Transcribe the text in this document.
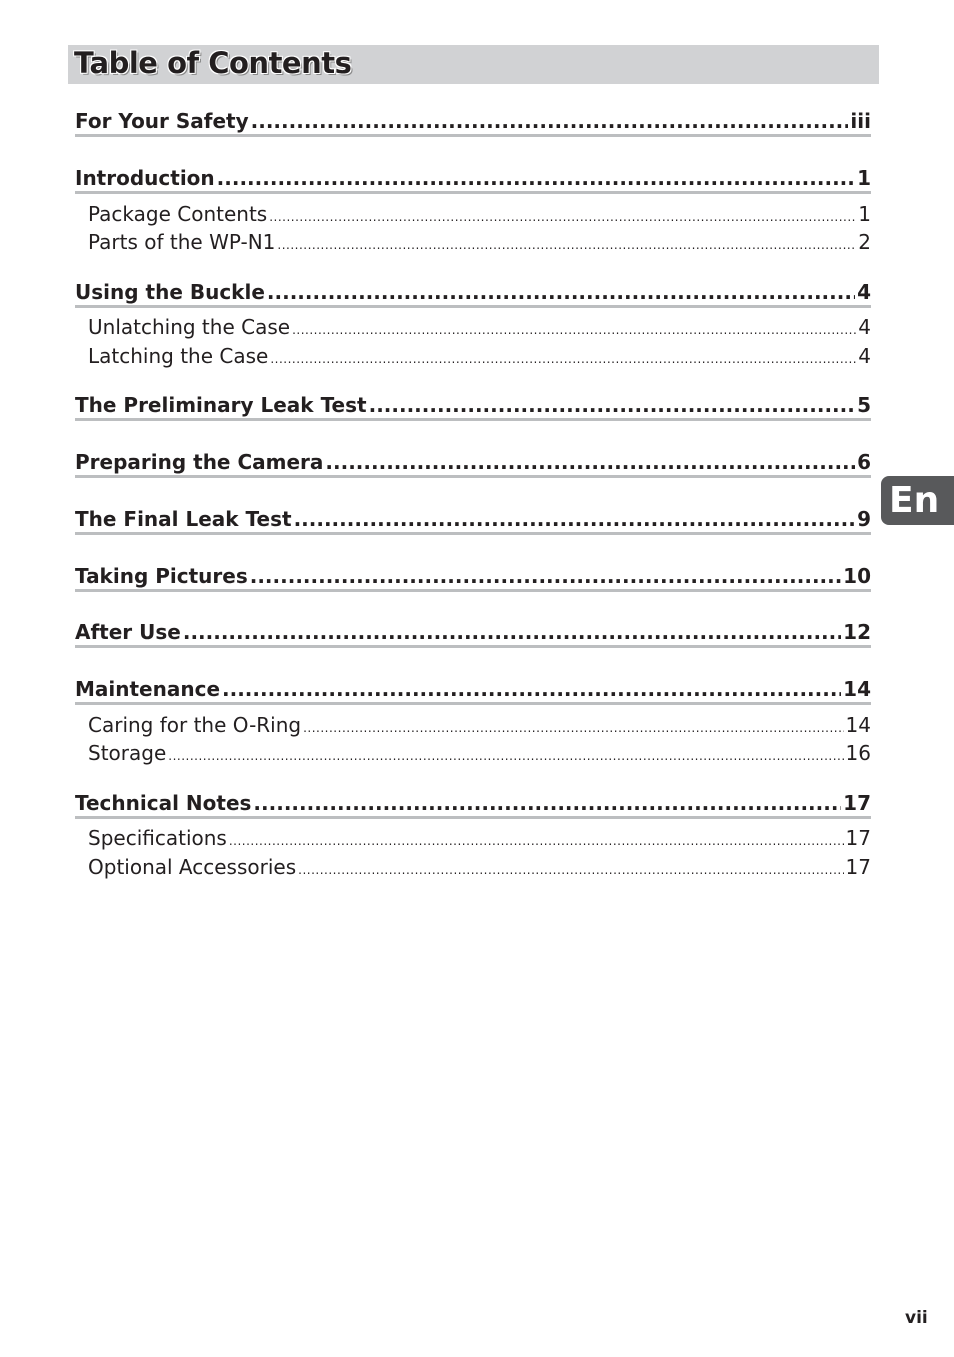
Table of Contents
For Your Safety .....	iii
Introduction .....	1
Package Contents .....	1
Parts of the WP-N1 .....	2
Using the Buckle .....	4
Unlatching the Case .....	4
Latching the Case .....	4
The Preliminary Leak Test .....	5
Preparing the Camera .....	6
The Final Leak Test .....	9
Taking Pictures .....	10
After Use .....	12
Maintenance .....	14
Caring for the O-Ring .....	14
Storage .....	16
Technical Notes .....	17
Specifications .....	17
Optional Accessories .....	17
En
vii
